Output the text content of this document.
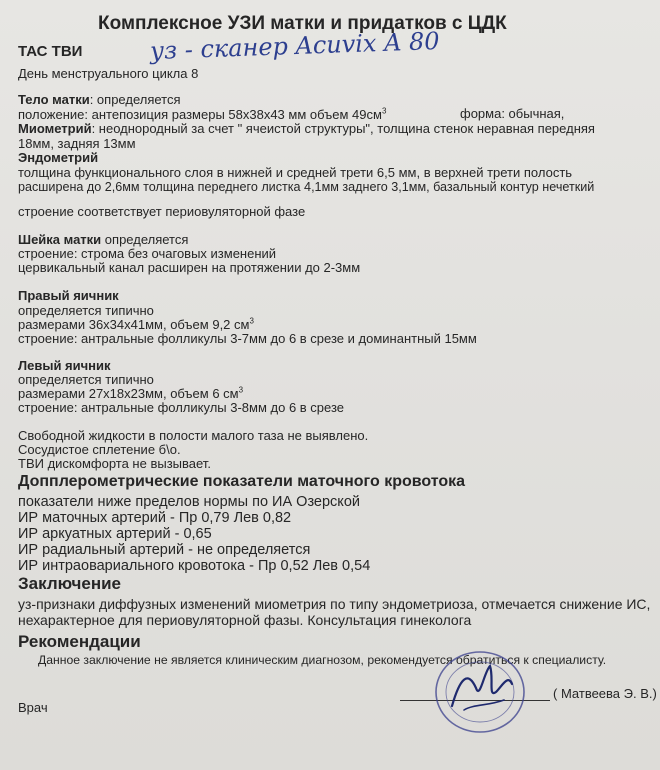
Комплексное УЗИ матки и придатков с ЦДК
ТАС ТВИ	уз - сканер Acuvix A 80
День менструального цикла 8
Тело матки: определяется
положение: антепозиция размеры 58х38х43 мм объем $49см^3$	форма: обычная,
Миометрий: неоднородный за счет " ячеистой структуры", толщина стенок неравная передняя
18мм, задняя 13мм
Эндометрий
толщина функционального слоя в нижней и средней трети 6,5 мм, в верхней трети полость
расширена до 2,6мм толщина переднего листка 4,1мм заднего 3,1мм, базальный контур нечеткий
строение соответствует периовуляторной фазе
Шейка матки определяется
строение: строма без очаговых изменений
цервикальный канал расширен на протяжении до 2-3мм
Правый яичник
определяется типично
размерами 36х34х41мм, объем 9,2 $см^3$
строение: антральные фолликулы 3-7мм до 6 в срезе и доминантный 15мм
Левый яичник
определяется типично
размерами 27х18х23мм, объем 6 $см^3$
строение: антральные фолликулы 3-8мм до 6 в срезе
Свободной жидкости в полости малого таза не выявлено.
Сосудистое сплетение б\о.
ТВИ дискомфорта не вызывает.
Допплерометрические показатели маточного кровотока
показатели ниже пределов нормы по ИА Озерской
ИР маточных артерий - Пр 0,79 Лев 0,82
ИР аркуатных артерий - 0,65
ИР радиальный артерий - не определяется
ИР интраовариального кровотока - Пр 0,52 Лев 0,54
Заключение
уз-признаки диффузных изменений миометрия по типу эндометриоза, отмечается снижение ИС,
нехарактерное для периовуляторной фазы. Консультация гинеколога
Рекомендации
Данное заключение не является клиническим диагнозом, рекомендуется обратиться к специалисту.
Врач
( Матвеева Э. В.)
